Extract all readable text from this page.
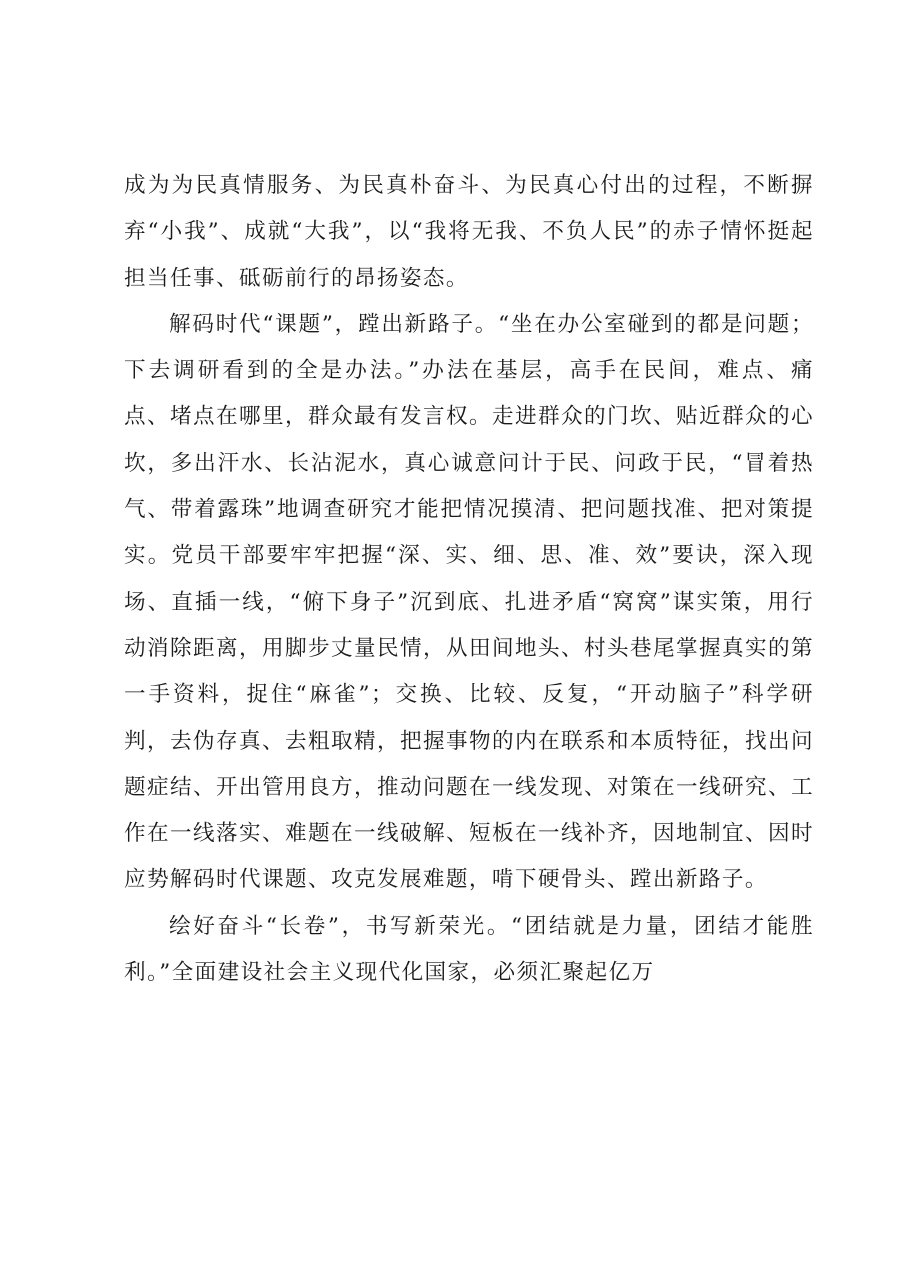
成为为民真情服务、为民真朴奋斗、为民真心付出的过程，不断摒弃“小我”、成就“大我”，以“我将无我、不负人民”的赤子情怀挺起担当任事、砥砺前行的昂扬姿态。

解码时代“课题”，蹚出新路子。“坐在办公室碰到的都是问题；下去调研看到的全是办法。”办法在基层，高手在民间，难点、痛点、堵点在哪里，群众最有发言权。走进群众的门坎、贴近群众的心坎，多出汗水、长沾泥水，真心诚意问计于民、问政于民，“冒着热气、带着露珠”地调查研究才能把情况摸清、把问题找准、把对策提实。党员干部要牢牢把握“深、实、细、思、准、效”要诀，深入现场、直插一线，“俯下身子”沉到底、扎进矛盾“窝窝”谋实策，用行动消除距离，用脚步丈量民情，从田间地头、村头巷尾掌握真实的第一手资料，捉住“麻雀”；交换、比较、反复，“开动脑子”科学研判，去伪存真、去粗取精，把握事物的内在联系和本质特征，找出问题症结、开出管用良方，推动问题在一线发现、对策在一线研究、工作在一线落实、难题在一线破解、短板在一线补齐，因地制宜、因时应势解码时代课题、攻克发展难题，啃下硬骨头、蹚出新路子。

绘好奋斗“长卷”，书写新荣光。“团结就是力量，团结才能胜利。”全面建设社会主义现代化国家，必须汇聚起亿万
